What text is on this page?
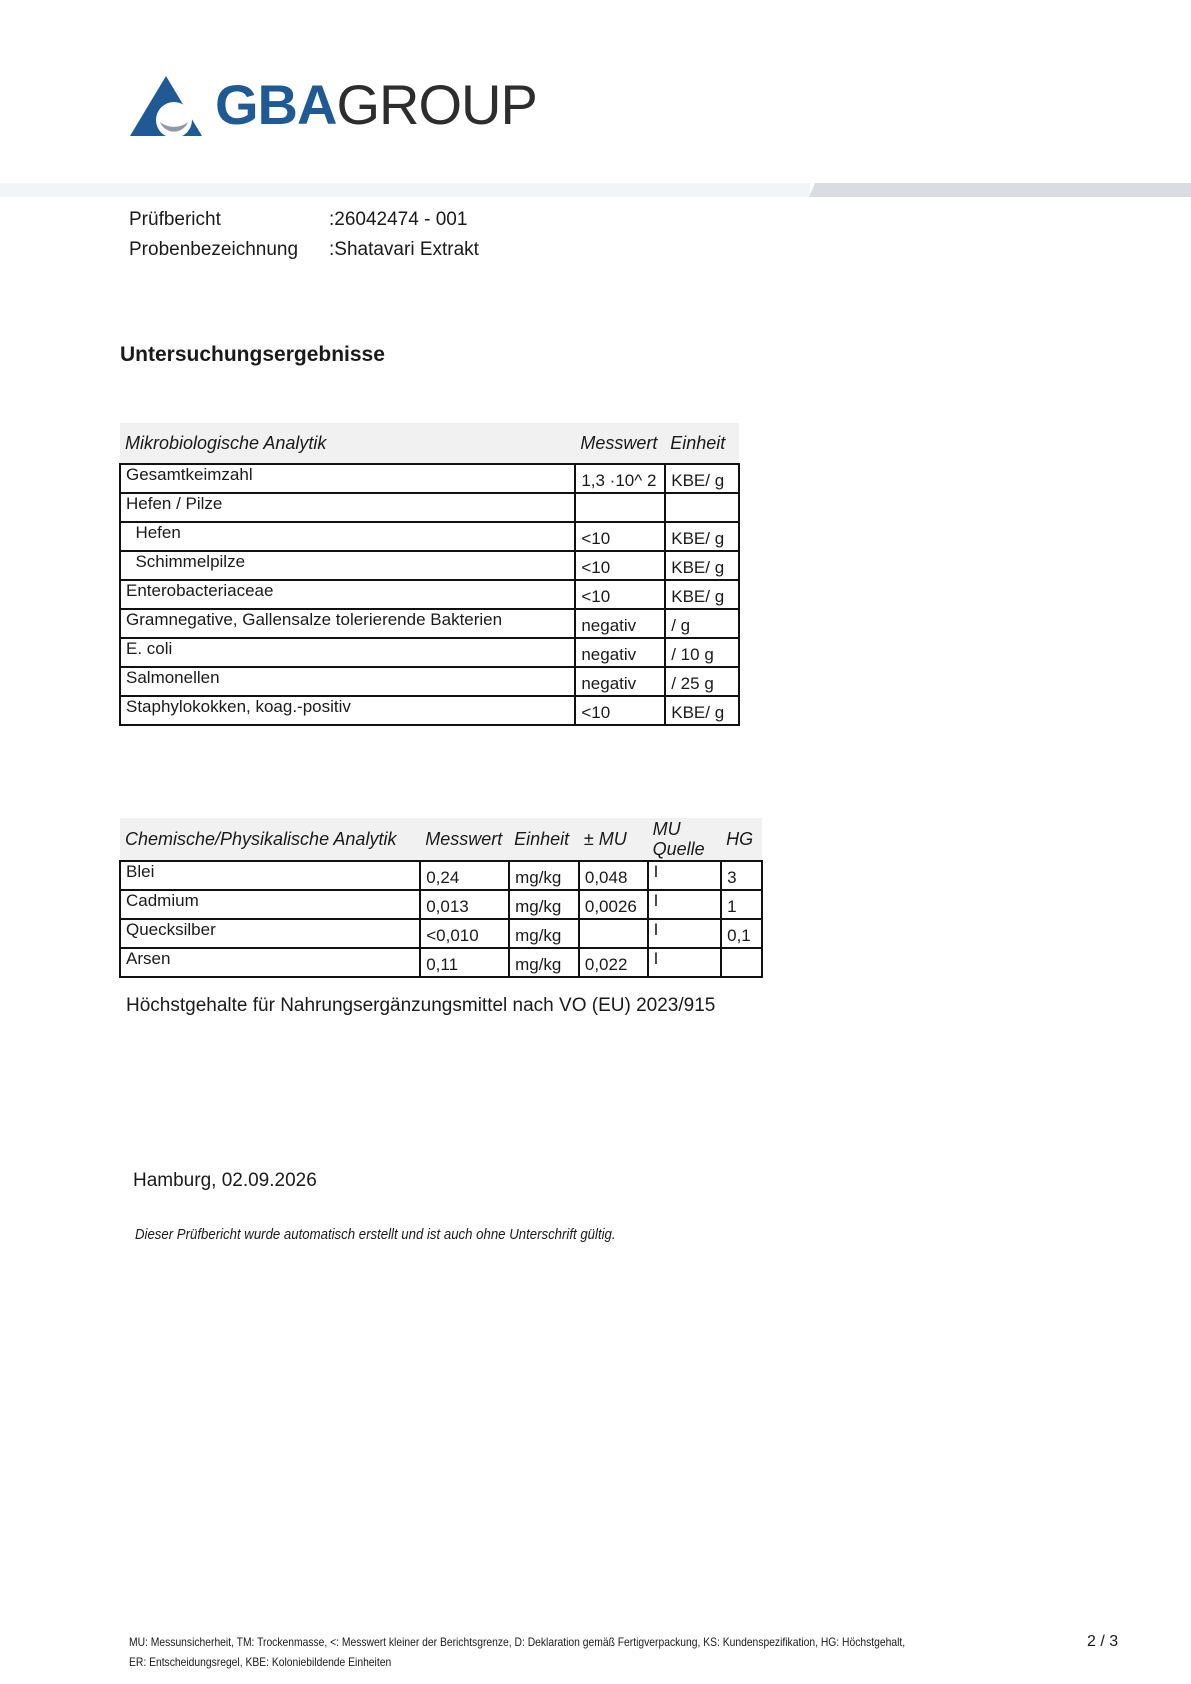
GBAGROUP
Prüfbericht	:26042474 - 001
Probenbezeichnung :Shatavari Extrakt
Untersuchungsergebnisse
Mikrobiologische Analytik	Messwert	Einheit
Gesamtkeimzahl	1,3 ·10^ 2	KBE/ g
Hefen / Pilze		
Hefen	<10	KBE/ g
Schimmelpilze	<10	KBE/ g
Enterobacteriaceae	<10	KBE/ g
Gramnegative, Gallensalze tolerierende Bakterien	negativ	/ g
E. coli	negativ	/ 10 g
Salmonellen	negativ	/ 25 g
Staphylokokken, koag.-positiv	<10	KBE/ g
Chemische/Physikalische Analytik	Messwert	Einheit	± MU	MU Quelle	HG
Blei	0,24	mg/kg	0,048	I	3
Cadmium	0,013	mg/kg	0,0026	I	1
Quecksilber	<0,010	mg/kg		I	0,1
Arsen	0,11	mg/kg	0,022	I	
Höchstgehalte für Nahrungsergänzungsmittel nach VO (EU) 2023/915
Hamburg, 02.09.2026
Dieser Prüfbericht wurde automatisch erstellt und ist auch ohne Unterschrift gültig.
MU: Messunsicherheit, TM: Trockenmasse, <: Messwert kleiner der Berichtsgrenze, D: Deklaration gemäß Fertigverpackung, KS: Kundenspezifikation, HG: Höchstgehalt,
ER: Entscheidungsregel, KBE: Koloniebildende Einheiten
2 / 3
